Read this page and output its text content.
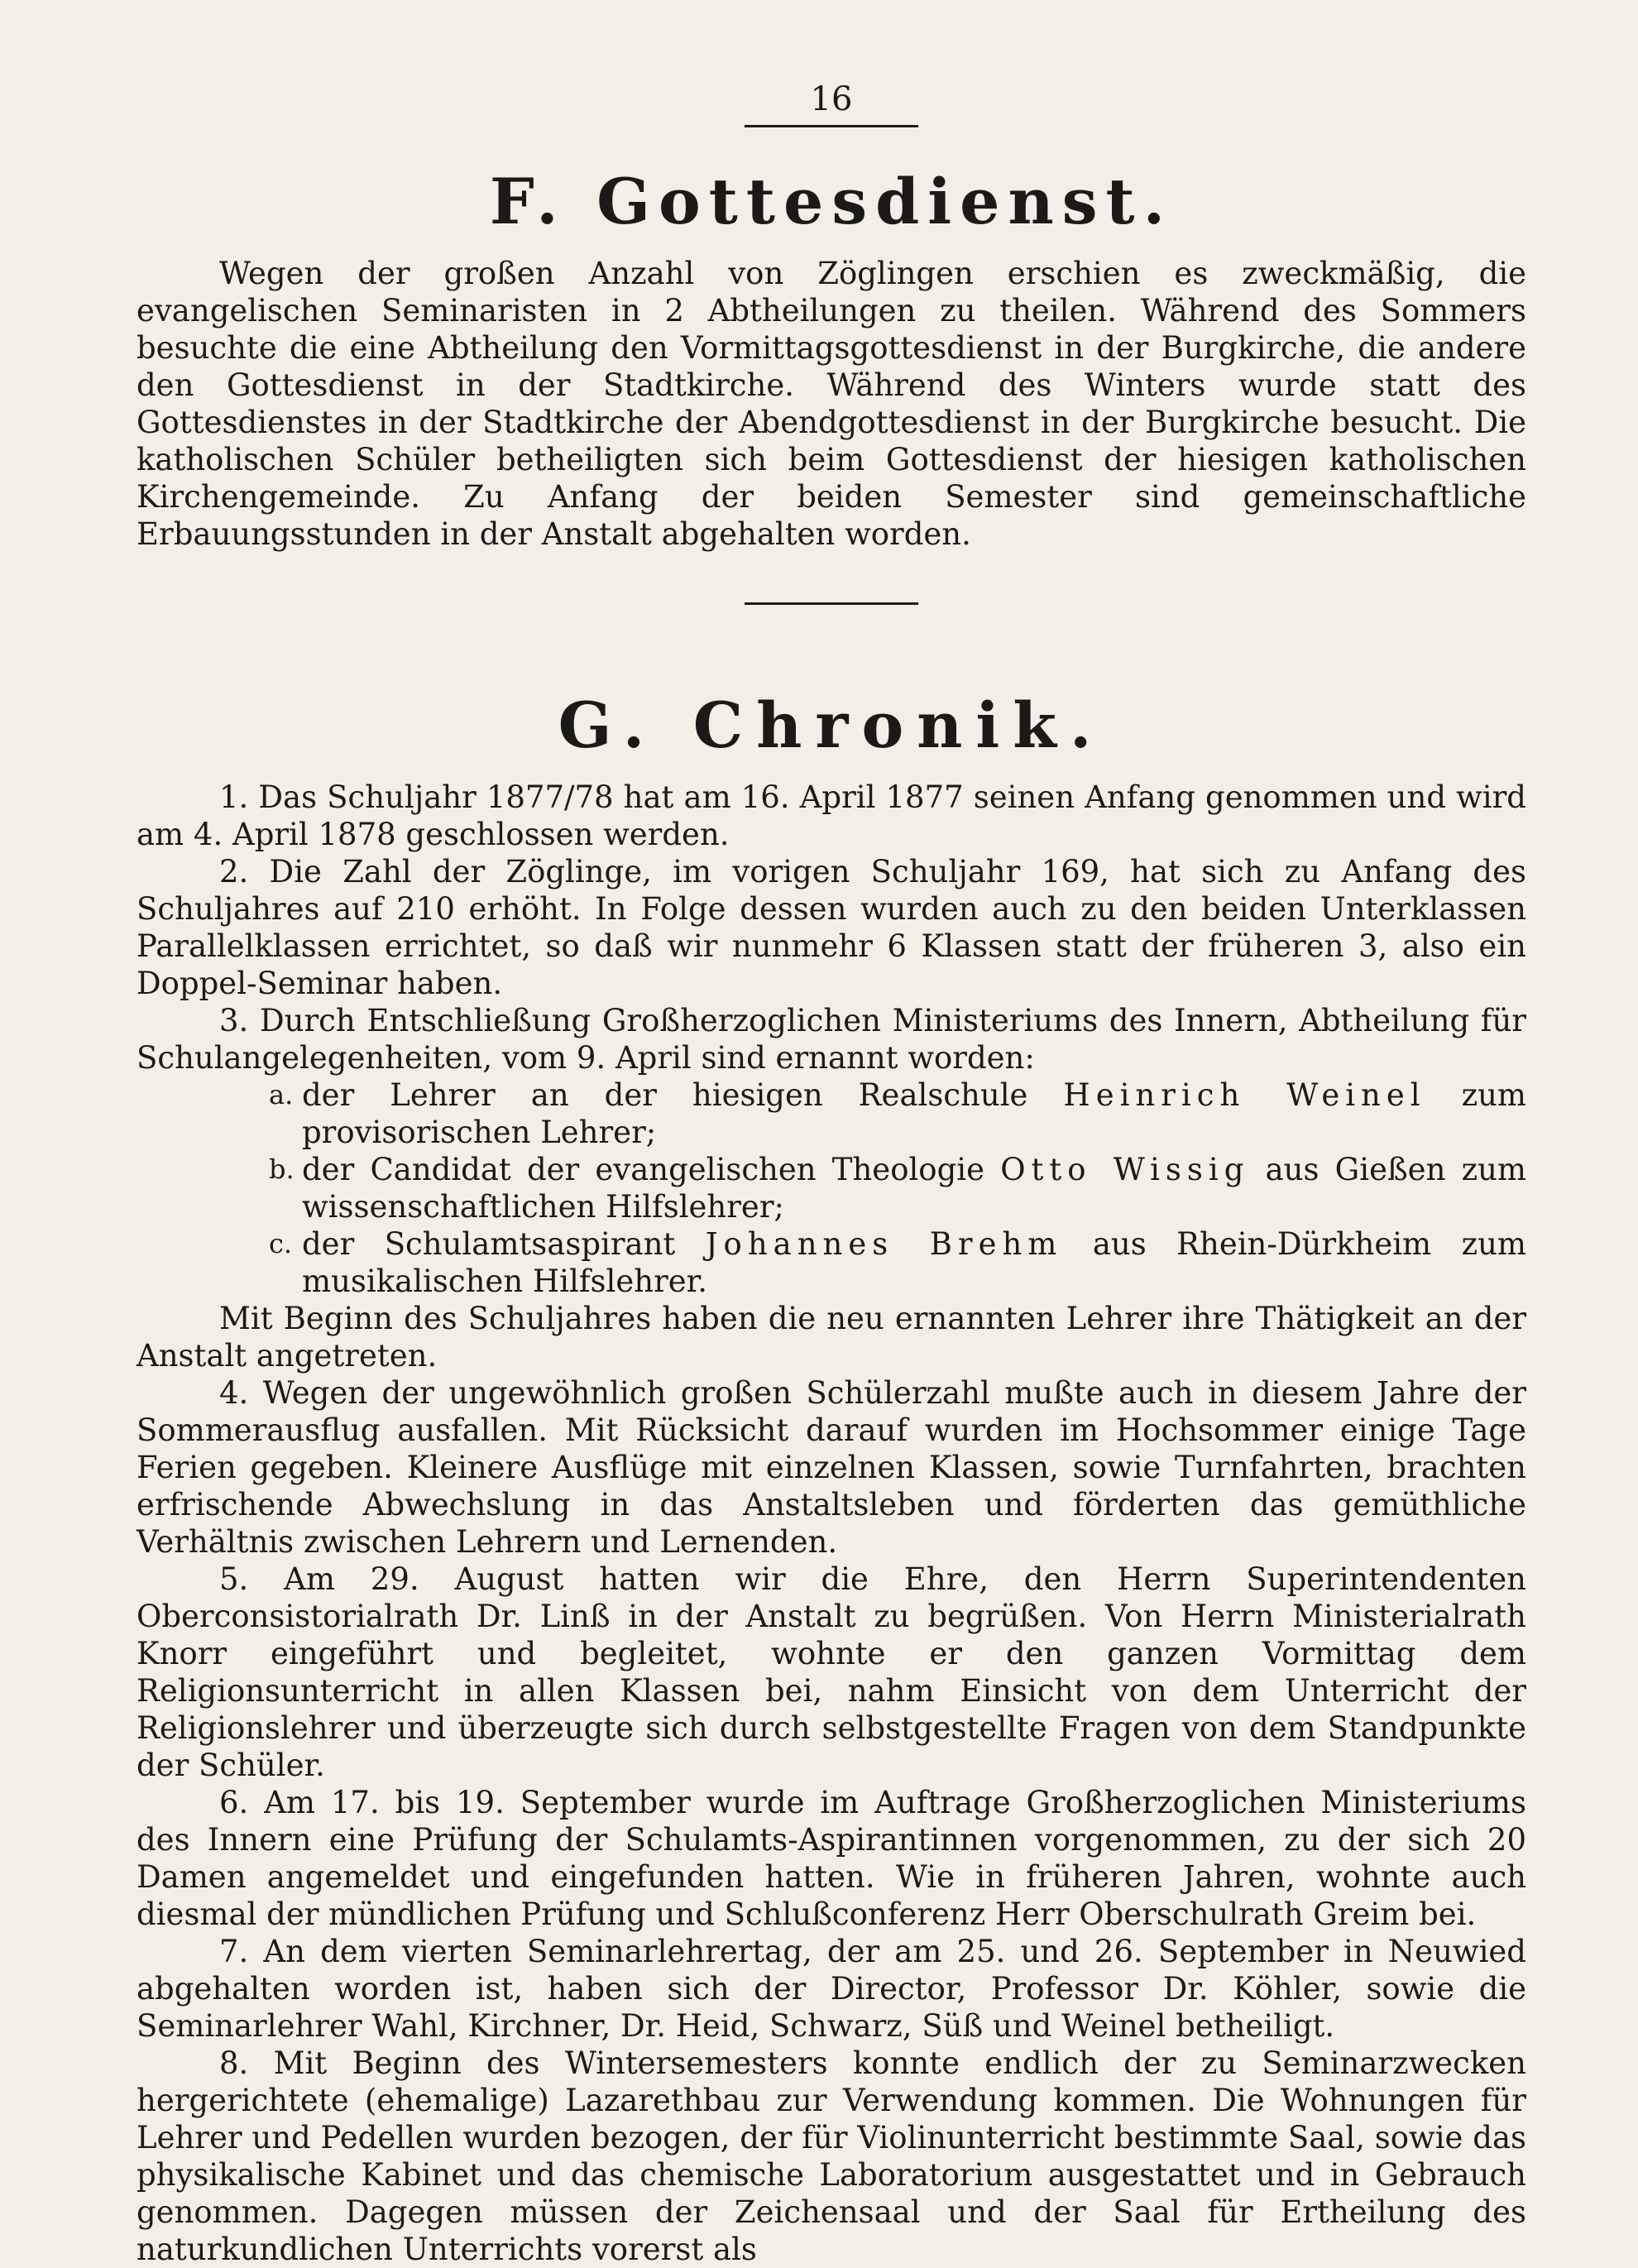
16
F. Gottesdienst.

Wegen der großen Anzahl von Zöglingen erschien es zweckmäßig, die evangelischen Seminaristen in 2 Abtheilungen zu theilen. Während des Sommers besuchte die eine Abtheilung den Vormittagsgottesdienst in der Burgkirche, die andere den Gottesdienst in der Stadtkirche. Während des Winters wurde statt des Gottesdienstes in der Stadtkirche der Abendgottesdienst in der Burgkirche besucht. Die katholischen Schüler betheiligten sich beim Gottesdienst der hiesigen katholischen Kirchengemeinde. Zu Anfang der beiden Semester sind gemeinschaftliche Erbauungsstunden in der Anstalt abgehalten worden.

G. Chronik.

1. Das Schuljahr 1877/78 hat am 16. April 1877 seinen Anfang genommen und wird am 4. April 1878 geschlossen werden.

2. Die Zahl der Zöglinge, im vorigen Schuljahr 169, hat sich zu Anfang des Schuljahres auf 210 erhöht. In Folge dessen wurden auch zu den beiden Unterklassen Parallelklassen errichtet, so daß wir nunmehr 6 Klassen statt der früheren 3, also ein Doppel-Seminar haben.

3. Durch Entschließung Großherzoglichen Ministeriums des Innern, Abtheilung für Schulangelegenheiten, vom 9. April sind ernannt worden:

a. der Lehrer an der hiesigen Realschule Heinrich Weinel zum provisorischen Lehrer;

b. der Candidat der evangelischen Theologie Otto Wissig aus Gießen zum wissenschaftlichen Hilfslehrer;

c. der Schulamtsaspirant Johannes Brehm aus Rhein-Dürkheim zum musikalischen Hilfslehrer.

Mit Beginn des Schuljahres haben die neu ernannten Lehrer ihre Thätigkeit an der Anstalt angetreten.

4. Wegen der ungewöhnlich großen Schülerzahl mußte auch in diesem Jahre der Sommerausflug ausfallen. Mit Rücksicht darauf wurden im Hochsommer einige Tage Ferien gegeben. Kleinere Ausflüge mit einzelnen Klassen, sowie Turnfahrten, brachten erfrischende Abwechslung in das Anstaltsleben und förderten das gemüthliche Verhältnis zwischen Lehrern und Lernenden.

5. Am 29. August hatten wir die Ehre, den Herrn Superintendenten Oberconsistorialrath Dr. Linß in der Anstalt zu begrüßen. Von Herrn Ministerialrath Knorr eingeführt und begleitet, wohnte er den ganzen Vormittag dem Religionsunterricht in allen Klassen bei, nahm Einsicht von dem Unterricht der Religionslehrer und überzeugte sich durch selbstgestellte Fragen von dem Standpunkte der Schüler.

6. Am 17. bis 19. September wurde im Auftrage Großherzoglichen Ministeriums des Innern eine Prüfung der Schulamts-Aspirantinnen vorgenommen, zu der sich 20 Damen angemeldet und eingefunden hatten. Wie in früheren Jahren, wohnte auch diesmal der mündlichen Prüfung und Schlußconferenz Herr Oberschulrath Greim bei.

7. An dem vierten Seminarlehrertag, der am 25. und 26. September in Neuwied abgehalten worden ist, haben sich der Director, Professor Dr. Köhler, sowie die Seminarlehrer Wahl, Kirchner, Dr. Heid, Schwarz, Süß und Weinel betheiligt.

8. Mit Beginn des Wintersemesters konnte endlich der zu Seminarzwecken hergerichtete (ehemalige) Lazarethbau zur Verwendung kommen. Die Wohnungen für Lehrer und Pedellen wurden bezogen, der für Violinunterricht bestimmte Saal, sowie das physikalische Kabinet und das chemische Laboratorium ausgestattet und in Gebrauch genommen. Dagegen müssen der Zeichensaal und der Saal für Ertheilung des naturkundlichen Unterrichts vorerst als
